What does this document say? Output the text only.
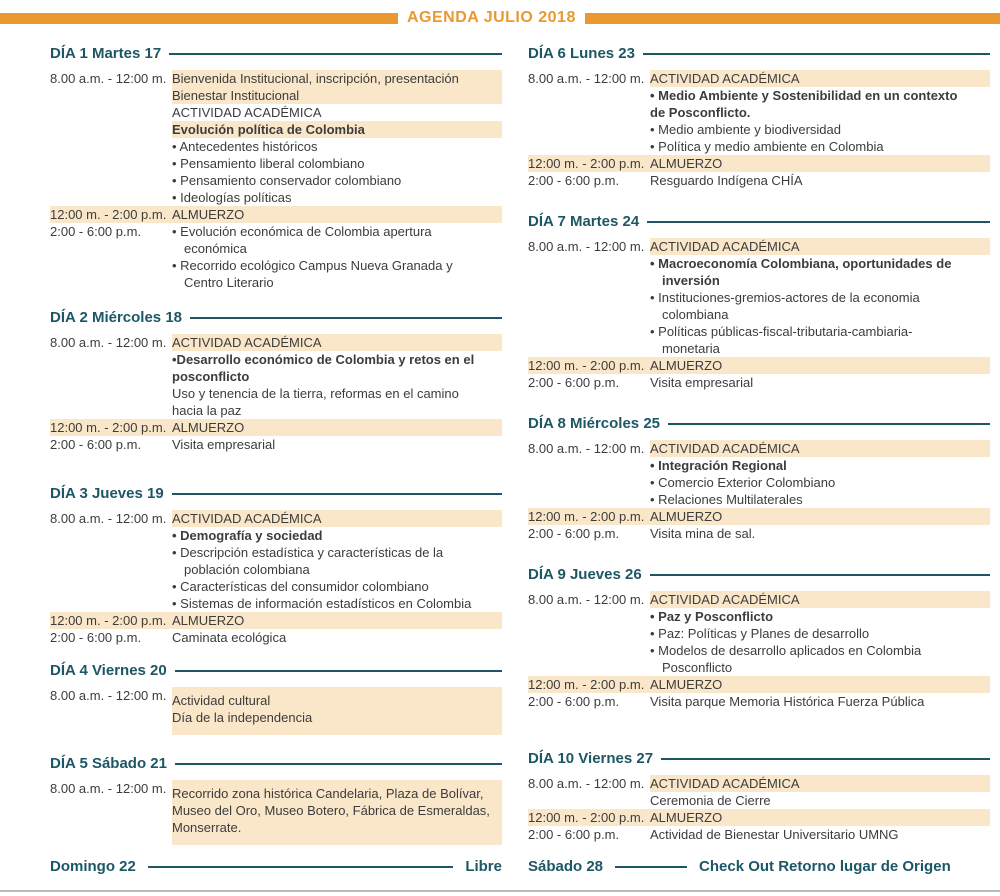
AGENDA JULIO 2018
DÍA 1 Martes 17
8.00 a.m. - 12:00 m. Bienvenida Institucional, inscripción, presentación
Bienestar Institucional
ACTIVIDAD ACADÉMICA
Evolución política de Colombia
• Antecedentes históricos
• Pensamiento liberal colombiano
• Pensamiento conservador colombiano
• Ideologías políticas
12:00 m. - 2:00 p.m. ALMUERZO
2:00 - 6:00 p.m.	• Evolución económica de Colombia apertura
económica
• Recorrido ecológico Campus Nueva Granada y
Centro Literario
DÍA 2 Miércoles 18
8.00 a.m. - 12:00 m. ACTIVIDAD ACADÉMICA
•Desarrollo económico de Colombia y retos en el
posconflicto
Uso y tenencia de la tierra, reformas en el camino
hacia la paz
12:00 m. - 2:00 p.m. ALMUERZO
2:00 - 6:00 p.m.	Visita empresarial
DÍA 3 Jueves 19
8.00 a.m. - 12:00 m. ACTIVIDAD ACADÉMICA
• Demografía y sociedad
• Descripción estadística y características de la
población colombiana
• Características del consumidor colombiano
• Sistemas de información estadísticos en Colombia
12:00 m. - 2:00 p.m. ALMUERZO
2:00 - 6:00 p.m.	Caminata ecológica
DÍA 4 Viernes 20
8.00 a.m. - 12:00 m. Actividad cultural
Día de la independencia
DÍA 5 Sábado 21
8.00 a.m. - 12:00 m. Recorrido zona histórica Candelaria, Plaza de Bolívar,
Museo del Oro, Museo Botero, Fábrica de Esmeraldas,
Monserrate.
DÍA 6 Lunes 23
8.00 a.m. - 12:00 m. ACTIVIDAD ACADÉMICA
• Medio Ambiente y Sostenibilidad en un contexto
de Posconflicto.
• Medio ambiente y biodiversidad
• Política y medio ambiente en Colombia
12:00 m. - 2:00 p.m. ALMUERZO
2:00 - 6:00 p.m.	Resguardo Indígena CHÍA
DÍA 7 Martes 24
8.00 a.m. - 12:00 m. ACTIVIDAD ACADÉMICA
• Macroeconomía Colombiana, oportunidades de
inversión
• Instituciones-gremios-actores de la economia
colombiana
• Políticas públicas-fiscal-tributaria-cambiaria-
monetaria
12:00 m. - 2:00 p.m. ALMUERZO
2:00 - 6:00 p.m.	Visita empresarial
DÍA 8 Miércoles 25
8.00 a.m. - 12:00 m. ACTIVIDAD ACADÉMICA
• Integración Regional
• Comercio Exterior Colombiano
• Relaciones Multilaterales
12:00 m. - 2:00 p.m. ALMUERZO
2:00 - 6:00 p.m.	Visita mina de sal.
DÍA 9 Jueves 26
8.00 a.m. - 12:00 m. ACTIVIDAD ACADÉMICA
• Paz y Posconflicto
• Paz: Políticas y Planes de desarrollo
• Modelos de desarrollo aplicados en Colombia
Posconflicto
12:00 m. - 2:00 p.m. ALMUERZO
2:00 - 6:00 p.m.	Visita parque Memoria Histórica Fuerza Pública
DÍA 10 Viernes 27
8.00 a.m. - 12:00 m. ACTIVIDAD ACADÉMICA
Ceremonia de Cierre
12:00 m. - 2:00 p.m. ALMUERZO
2:00 - 6:00 p.m.	Actividad de Bienestar Universitario UMNG
Domingo 22	Libre Sábado 28	Check Out Retorno lugar de Origen
